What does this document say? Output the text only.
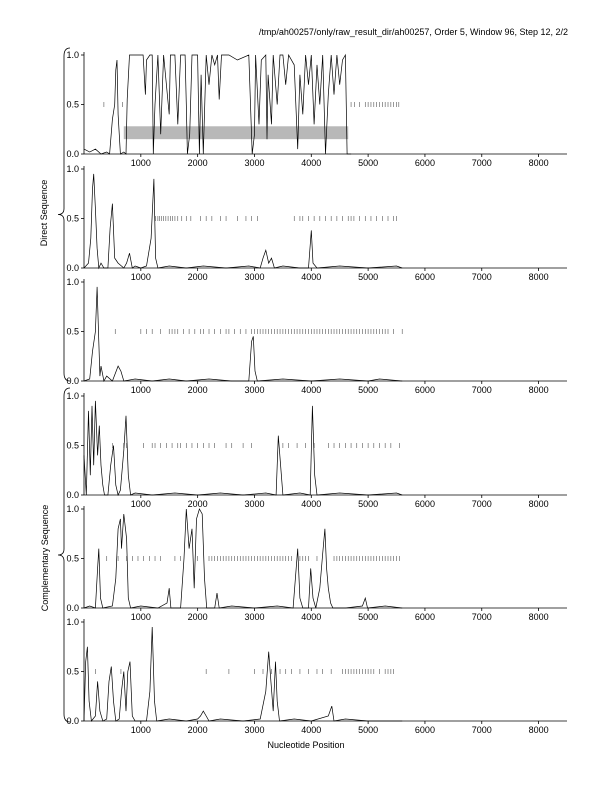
/tmp/ah00257/only/raw_result_dir/ah00257, Order 5, Window 96, Step 12, 2/2
0.0
0.5
1.0
1000	2000	3000	4000	5000	6000	7000	8000
0.0
0.5
1.0
1000	2000	3000	4000	5000	6000	7000	8000
0.0
0.5
1.0
1000	2000	3000	4000	5000	6000	7000	8000
0.0
0.5
1.0
1000	2000	3000	4000	5000	6000	7000	8000
0.0
0.5
1.0
1000	2000	3000	4000	5000	6000	7000	8000
0.0
0.5
1.0
1000	2000	3000	4000	5000	6000	7000	8000
Direct Sequence
Complementary Sequence
Nucleotide Position
